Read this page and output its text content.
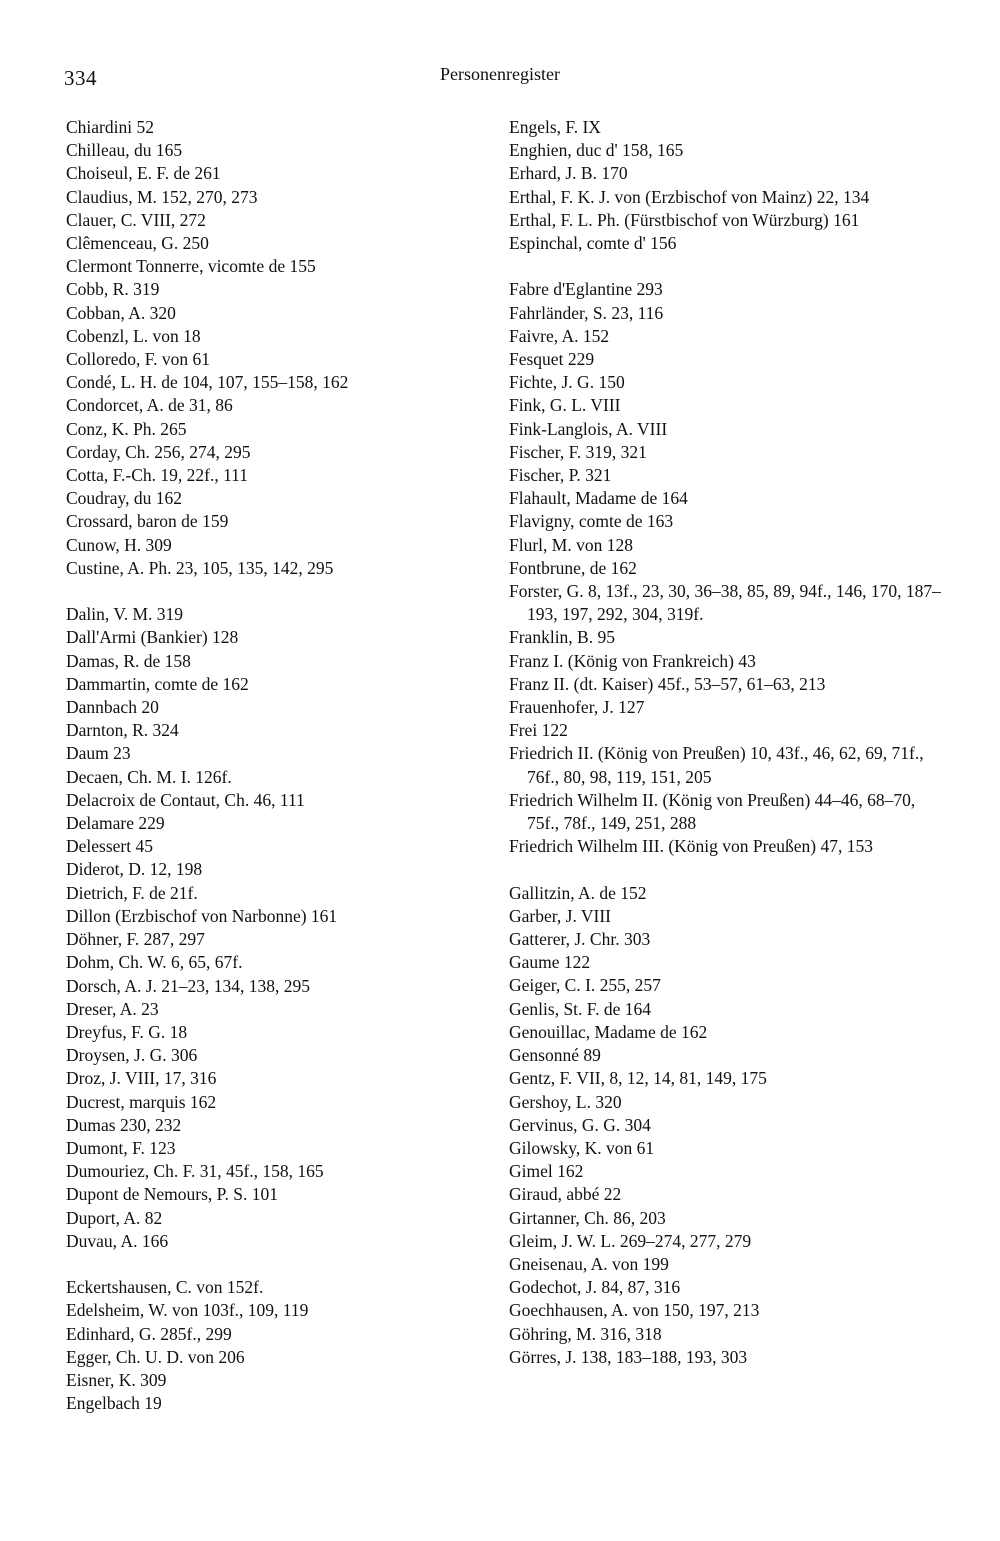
334	Personenregister
Chiardini 52
Chilleau, du 165
Choiseul, E. F. de 261
Claudius, M. 152, 270, 273
Clauer, C. VIII, 272
Clêmenceau, G. 250
Clermont Tonnerre, vicomte de 155
Cobb, R. 319
Cobban, A. 320
Cobenzl, L. von 18
Colloredo, F. von 61
Condé, L. H. de 104, 107, 155–158, 162
Condorcet, A. de 31, 86
Conz, K. Ph. 265
Corday, Ch. 256, 274, 295
Cotta, F.-Ch. 19, 22f., 111
Coudray, du 162
Crossard, baron de 159
Cunow, H. 309
Custine, A. Ph. 23, 105, 135, 142, 295
Dalin, V. M. 319
Dall'Armi (Bankier) 128
Damas, R. de 158
Dammartin, comte de 162
Dannbach 20
Darnton, R. 324
Daum 23
Decaen, Ch. M. I. 126f.
Delacroix de Contaut, Ch. 46, 111
Delamare 229
Delessert 45
Diderot, D. 12, 198
Dietrich, F. de 21f.
Dillon (Erzbischof von Narbonne) 161
Döhner, F. 287, 297
Dohm, Ch. W. 6, 65, 67f.
Dorsch, A. J. 21–23, 134, 138, 295
Dreser, A. 23
Dreyfus, F. G. 18
Droysen, J. G. 306
Droz, J. VIII, 17, 316
Ducrest, marquis 162
Dumas 230, 232
Dumont, F. 123
Dumouriez, Ch. F. 31, 45f., 158, 165
Dupont de Nemours, P. S. 101
Duport, A. 82
Duvau, A. 166
Eckertshausen, C. von 152f.
Edelsheim, W. von 103f., 109, 119
Edinhard, G. 285f., 299
Egger, Ch. U. D. von 206
Eisner, K. 309
Engelbach 19
Engels, F. IX
Enghien, duc d' 158, 165
Erhard, J. B. 170
Erthal, F. K. J. von (Erzbischof von Mainz) 22, 134
Erthal, F. L. Ph. (Fürstbischof von Würzburg) 161
Espinchal, comte d' 156
Fabre d'Eglantine 293
Fahrländer, S. 23, 116
Faivre, A. 152
Fesquet 229
Fichte, J. G. 150
Fink, G. L. VIII
Fink-Langlois, A. VIII
Fischer, F. 319, 321
Fischer, P. 321
Flahault, Madame de 164
Flavigny, comte de 163
Flurl, M. von 128
Fontbrune, de 162
Forster, G. 8, 13f., 23, 30, 36–38, 85, 89, 94f., 146, 170, 187–193, 197, 292, 304, 319f.
Franklin, B. 95
Franz I. (König von Frankreich) 43
Franz II. (dt. Kaiser) 45f., 53–57, 61–63, 213
Frauenhofer, J. 127
Frei 122
Friedrich II. (König von Preußen) 10, 43f., 46, 62, 69, 71f., 76f., 80, 98, 119, 151, 205
Friedrich Wilhelm II. (König von Preußen) 44–46, 68–70, 75f., 78f., 149, 251, 288
Friedrich Wilhelm III. (König von Preußen) 47, 153
Gallitzin, A. de 152
Garber, J. VIII
Gatterer, J. Chr. 303
Gaume 122
Geiger, C. I. 255, 257
Genlis, St. F. de 164
Genouillac, Madame de 162
Gensonné 89
Gentz, F. VII, 8, 12, 14, 81, 149, 175
Gershoy, L. 320
Gervinus, G. G. 304
Gilowsky, K. von 61
Gimel 162
Giraud, abbé 22
Girtanner, Ch. 86, 203
Gleim, J. W. L. 269–274, 277, 279
Gneisenau, A. von 199
Godechot, J. 84, 87, 316
Goechhausen, A. von 150, 197, 213
Göhring, M. 316, 318
Görres, J. 138, 183–188, 193, 303
